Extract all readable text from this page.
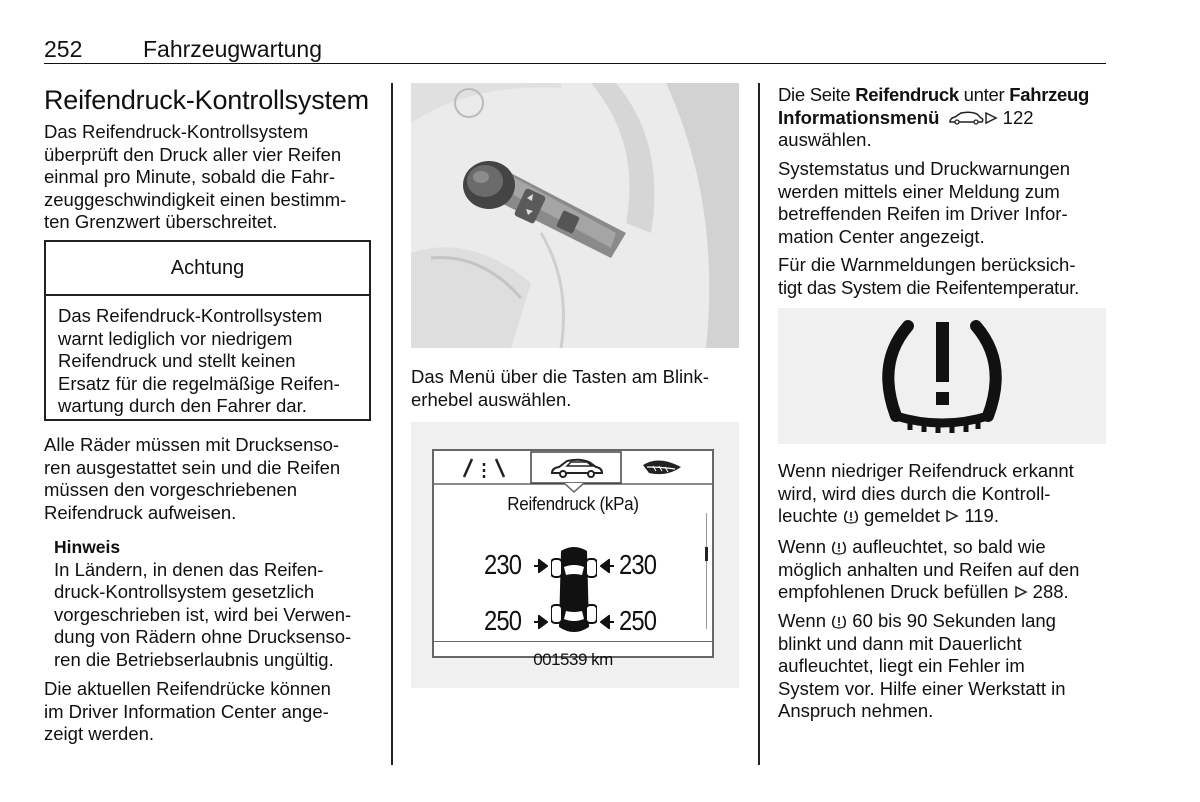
252	Fahrzeugwartung
Reifendruck-Kontrollsystem

Das Reifendruck-Kontrollsystem

überprüft den Druck aller vier Reifen

einmal pro Minute, sobald die Fahr-

zeuggeschwindigkeit einen bestimm-

ten Grenzwert überschreitet.

Achtung

Das Reifendruck-Kontrollsystem

warnt lediglich vor niedrigem

Reifendruck und stellt keinen

Ersatz für die regelmäßige Reifen-

wartung durch den Fahrer dar.

Alle Räder müssen mit Drucksenso-

ren ausgestattet sein und die Reifen

müssen den vorgeschriebenen

Reifendruck aufweisen.

Hinweis

In Ländern, in denen das Reifen-

druck-Kontrollsystem gesetzlich

vorgeschrieben ist, wird bei Verwen-

dung von Rädern ohne Drucksenso-

ren die Betriebserlaubnis ungültig.

Die aktuellen Reifendrücke können

im Driver Information Center ange-

zeigt werden.

Das Menü über die Tasten am Blink-

erhebel auswählen.

Reifendruck (kPa)
230	230
250	250
001539 km

Die Seite Reifendruck unter Fahrzeug

Informationsmenü	122

auswählen.

Systemstatus und Druckwarnungen

werden mittels einer Meldung zum

betreffenden Reifen im Driver Infor-

mation Center angezeigt.

Für die Warnmeldungen berücksich-

tigt das System die Reifentemperatur.

Wenn niedriger Reifendruck erkannt

wird, wird dies durch die Kontroll-

leuchte gemeldet 119.

Wenn aufleuchtet, so bald wie

möglich anhalten und Reifen auf den

empfohlenen Druck befüllen 288.

Wenn 60 bis 90 Sekunden lang

blinkt und dann mit Dauerlicht

aufleuchtet, liegt ein Fehler im

System vor. Hilfe einer Werkstatt in

Anspruch nehmen.
